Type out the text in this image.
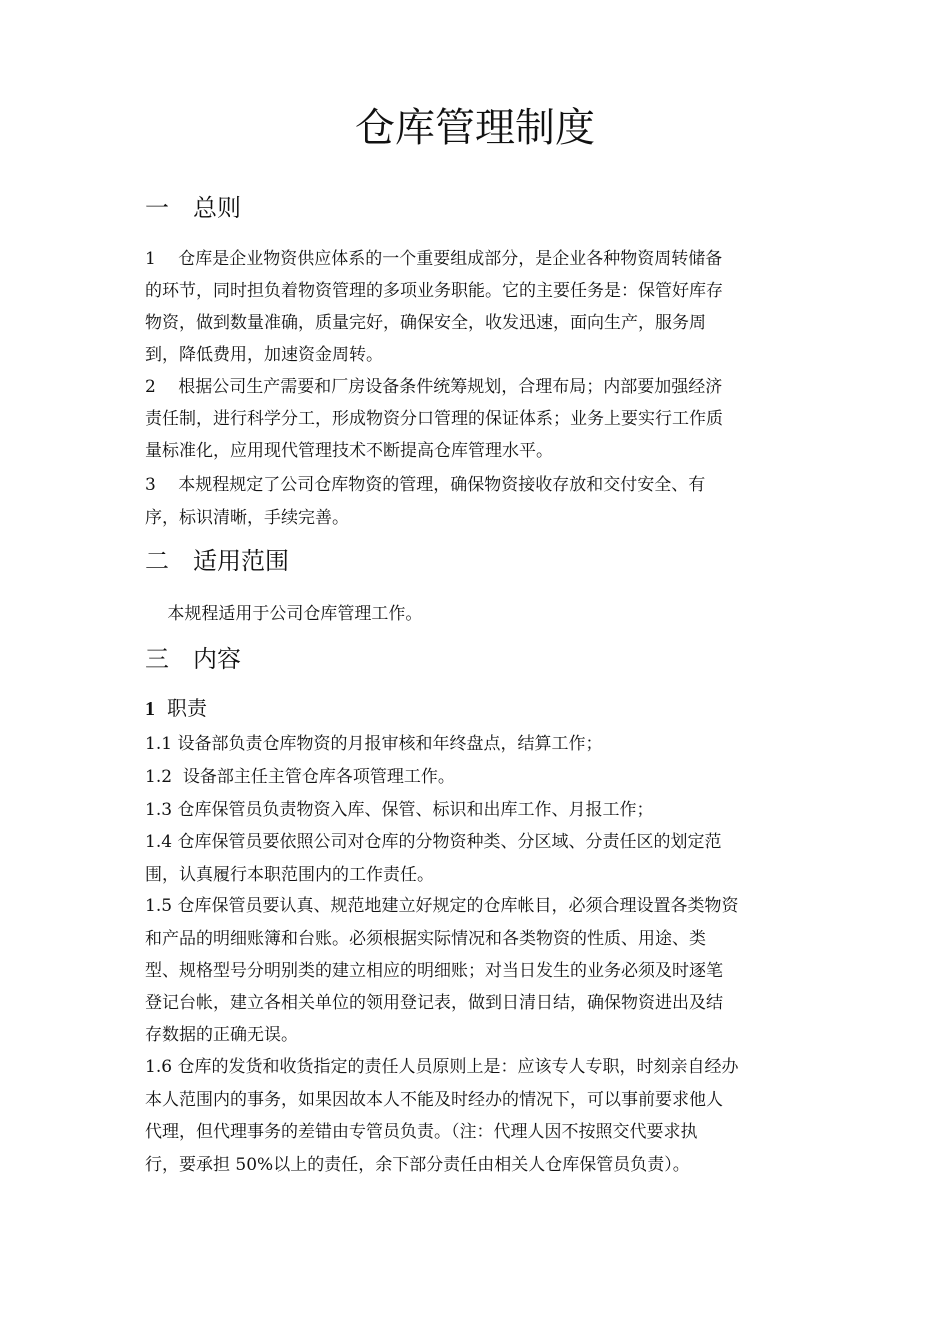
仓库管理制度
一　总则
1　 仓库是企业物资供应体系的一个重要组成部分，是企业各种物资周转储备
的环节，同时担负着物资管理的多项业务职能。它的主要任务是：保管好库存
物资，做到数量准确，质量完好，确保安全，收发迅速，面向生产，服务周
到，降低费用，加速资金周转。
2　 根据公司生产需要和厂房设备条件统筹规划，合理布局；内部要加强经济
责任制，进行科学分工，形成物资分口管理的保证体系；业务上要实行工作质
量标准化，应用现代管理技术不断提高仓库管理水平。
3　 本规程规定了公司仓库物资的管理，确保物资接收存放和交付安全、有
序，标识清晰，手续完善。
二　适用范围
　 本规程适用于公司仓库管理工作。
三　内容
1 职责
1.1 设备部负责仓库物资的月报审核和年终盘点，结算工作；
1.2  设备部主任主管仓库各项管理工作。
1.3 仓库保管员负责物资入库、保管、标识和出库工作、月报工作；
1.4 仓库保管员要依照公司对仓库的分物资种类、分区域、分责任区的划定范
围，认真履行本职范围内的工作责任。
1.5 仓库保管员要认真、规范地建立好规定的仓库帐目，必须合理设置各类物资
和产品的明细账簿和台账。必须根据实际情况和各类物资的性质、用途、类
型、规格型号分明别类的建立相应的明细账；对当日发生的业务必须及时逐笔
登记台帐，建立各相关单位的领用登记表，做到日清日结，确保物资进出及结
存数据的正确无误。
1.6 仓库的发货和收货指定的责任人员原则上是：应该专人专职，时刻亲自经办
本人范围内的事务，如果因故本人不能及时经办的情况下，可以事前要求他人
代理，但代理事务的差错由专管员负责。（注：代理人因不按照交代要求执
行，要承担 50%以上的责任，余下部分责任由相关人仓库保管员负责）。
